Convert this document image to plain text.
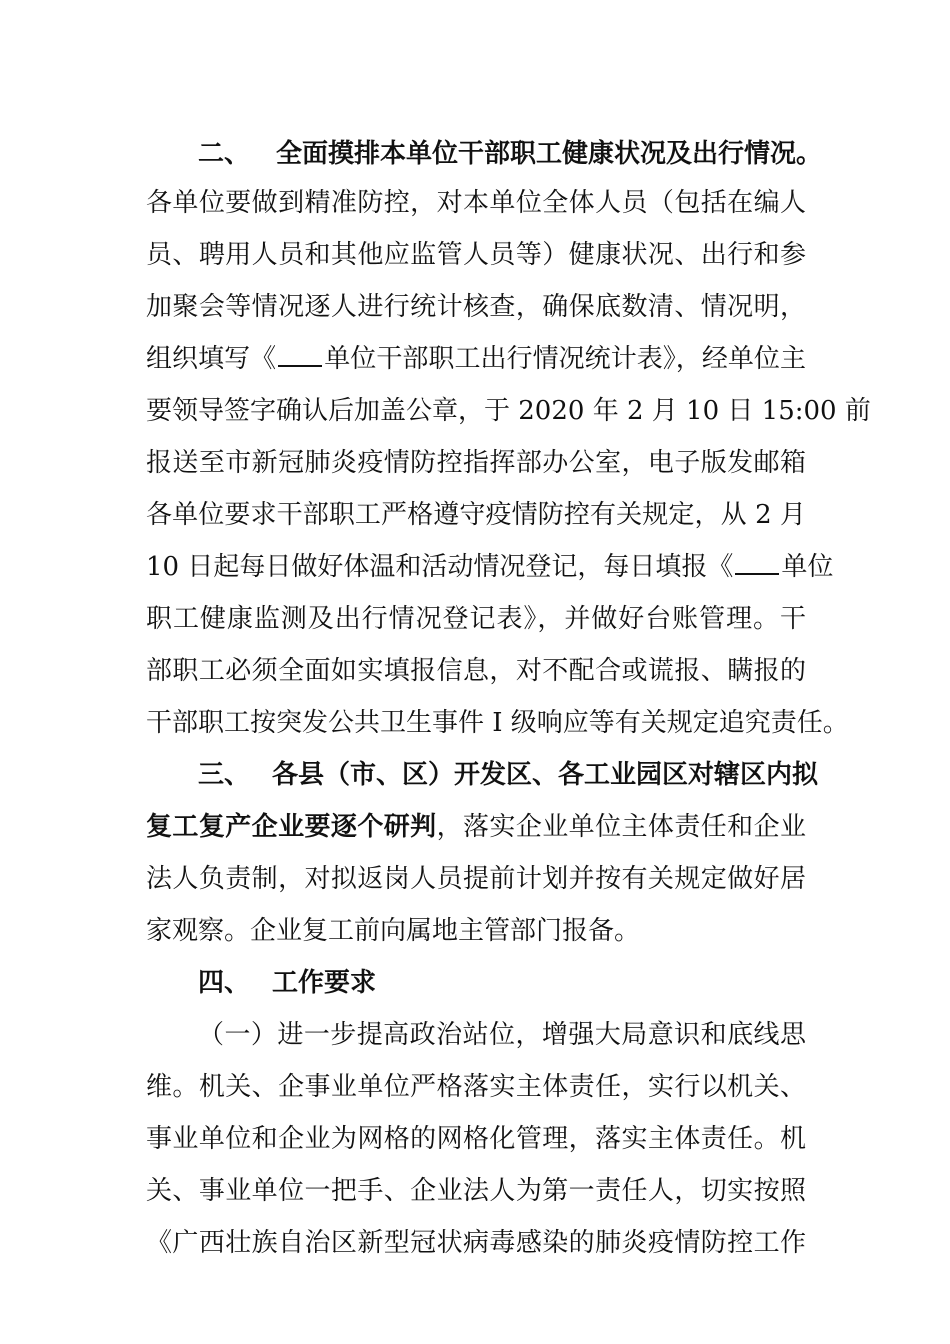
二、 全面摸排本单位干部职工健康状况及出行情况。
各单位要做到精准防控，对本单位全体人员（包括在编人
员、聘用人员和其他应监管人员等）健康状况、出行和参
加聚会等情况逐人进行统计核查，确保底数清、情况明，
组织填写《 单位干部职工出行情况统计表》，经单位主
要领导签字确认后加盖公章，于 2020 年 2 月 10 日 15:00 前
报送至市新冠肺炎疫情防控指挥部办公室，电子版发邮箱
各单位要求干部职工严格遵守疫情防控有关规定，从 2 月
10 日起每日做好体温和活动情况登记，每日填报《 单位
职工健康监测及出行情况登记表》，并做好台账管理。干
部职工必须全面如实填报信息，对不配合或谎报、瞒报的
干部职工按突发公共卫生事件 I 级响应等有关规定追究责任。
三、 各县（市、区）开发区、各工业园区对辖区内拟
复工复产企业要逐个研判，落实企业单位主体责任和企业
法人负责制，对拟返岗人员提前计划并按有关规定做好居
家观察。企业复工前向属地主管部门报备。
四、 工作要求
（一）进一步提高政治站位，增强大局意识和底线思
维。机关、企事业单位严格落实主体责任，实行以机关、
事业单位和企业为网格的网格化管理，落实主体责任。机
关、事业单位一把手、企业法人为第一责任人，切实按照
《广西壮族自治区新型冠状病毒感染的肺炎疫情防控工作
